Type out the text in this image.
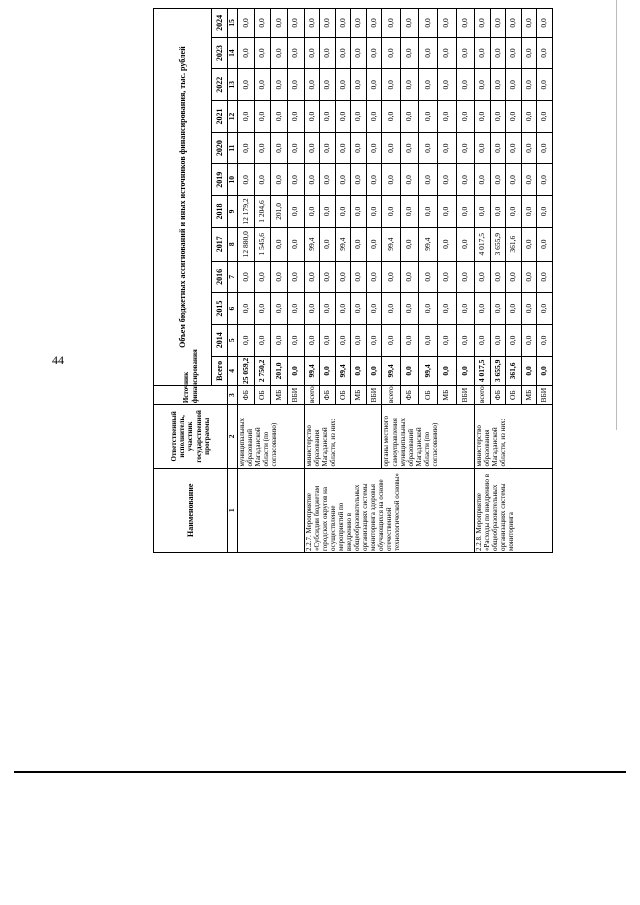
44
Наименование	Ответственный исполнитель, участник государственной программы	Источник финансирования	Объем бюджетных ассигнований и иных источников финансирования, тыс. рублей											
			Всего	2014	2015	2016	2017	2018	2019	2020	2021	2022	2023	2024
1	2	3	4	5	6	7	8	9	10	11	12	13	14	15
	муниципальных образований Магаданской области (по согласованию)	ФБ	25 059,2	0,0	0,0	0,0	12 880,0	12 179,2	0,0	0,0	0,0	0,0	0,0	0,0
		ОБ	2 750,2	0,0	0,0	0,0	1 545,6	1 204,6	0,0	0,0	0,0	0,0	0,0	0,0
		МБ	201,0	0,0	0,0	0,0	0,0	201,0	0,0	0,0	0,0	0,0	0,0	0,0
		ВБИ	0,0	0,0	0,0	0,0	0,0	0,0	0,0	0,0	0,0	0,0	0,0	0,0
2.2.7. Мероприятие «Субсидии бюджетам городских округов на осуществление мероприятий по внедрению в общеобразовательных организациях системы мониторинга здоровья обучающихся на основе отечественной технологической основы»	министерство образования Магаданской области, из них:	всего:	99,4	0,0	0,0	0,0	99,4	0,0	0,0	0,0	0,0	0,0	0,0	0,0
		ФБ	0,0	0,0	0,0	0,0	0,0	0,0	0,0	0,0	0,0	0,0	0,0	0,0
		ОБ	99,4	0,0	0,0	0,0	99,4	0,0	0,0	0,0	0,0	0,0	0,0	0,0
		МБ	0,0	0,0	0,0	0,0	0,0	0,0	0,0	0,0	0,0	0,0	0,0	0,0
		ВБИ	0,0	0,0	0,0	0,0	0,0	0,0	0,0	0,0	0,0	0,0	0,0	0,0
	органы местного самоуправления муниципальных образований Магаданской области (по согласованию)	всего:	99,4	0,0	0,0	0,0	99,4	0,0	0,0	0,0	0,0	0,0	0,0	0,0
		ФБ	0,0	0,0	0,0	0,0	0,0	0,0	0,0	0,0	0,0	0,0	0,0	0,0
		ОБ	99,4	0,0	0,0	0,0	99,4	0,0	0,0	0,0	0,0	0,0	0,0	0,0
		МБ	0,0	0,0	0,0	0,0	0,0	0,0	0,0	0,0	0,0	0,0	0,0	0,0
		ВБИ	0,0	0,0	0,0	0,0	0,0	0,0	0,0	0,0	0,0	0,0	0,0	0,0
2.2.8. Мероприятие «Расходы по внедрению в общеобразовательных организациях системы мониторинга	министерство образования Магаданской области, из них:	всего:	4 017,5	0,0	0,0	0,0	4 017,5	0,0	0,0	0,0	0,0	0,0	0,0	0,0
		ФБ	3 655,9	0,0	0,0	0,0	3 655,9	0,0	0,0	0,0	0,0	0,0	0,0	0,0
		ОБ	361,6	0,0	0,0	0,0	361,6	0,0	0,0	0,0	0,0	0,0	0,0	0,0
		МБ	0,0	0,0	0,0	0,0	0,0	0,0	0,0	0,0	0,0	0,0	0,0	0,0
		ВБИ	0,0	0,0	0,0	0,0	0,0	0,0	0,0	0,0	0,0	0,0	0,0	0,0
